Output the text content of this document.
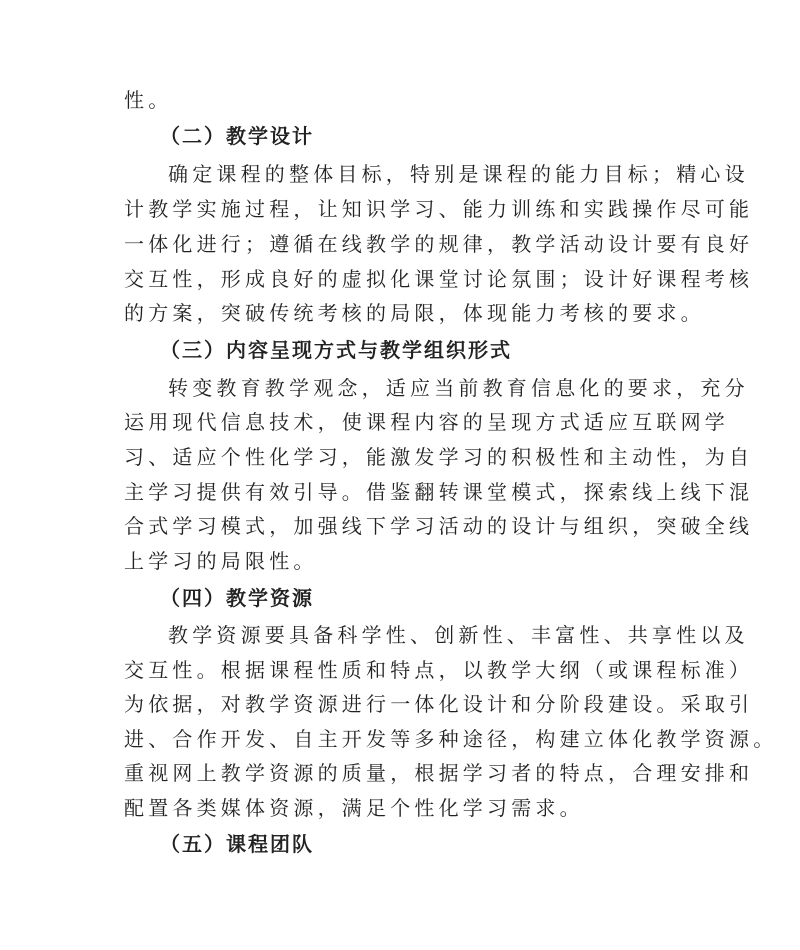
性。

（二）教学设计

确定课程的整体目标，特别是课程的能力目标；精心设

计教学实施过程，让知识学习、能力训练和实践操作尽可能

一体化进行；遵循在线教学的规律，教学活动设计要有良好

交互性，形成良好的虚拟化课堂讨论氛围；设计好课程考核

的方案，突破传统考核的局限，体现能力考核的要求。

（三）内容呈现方式与教学组织形式

转变教育教学观念，适应当前教育信息化的要求，充分

运用现代信息技术，使课程内容的呈现方式适应互联网学

习、适应个性化学习，能激发学习的积极性和主动性，为自

主学习提供有效引导。借鉴翻转课堂模式，探索线上线下混

合式学习模式，加强线下学习活动的设计与组织，突破全线

上学习的局限性。

（四）教学资源

教学资源要具备科学性、创新性、丰富性、共享性以及

交互性。根据课程性质和特点，以教学大纲（或课程标准）

为依据，对教学资源进行一体化设计和分阶段建设。采取引

进、合作开发、自主开发等多种途径，构建立体化教学资源。

重视网上教学资源的质量，根据学习者的特点，合理安排和

配置各类媒体资源，满足个性化学习需求。

（五）课程团队
